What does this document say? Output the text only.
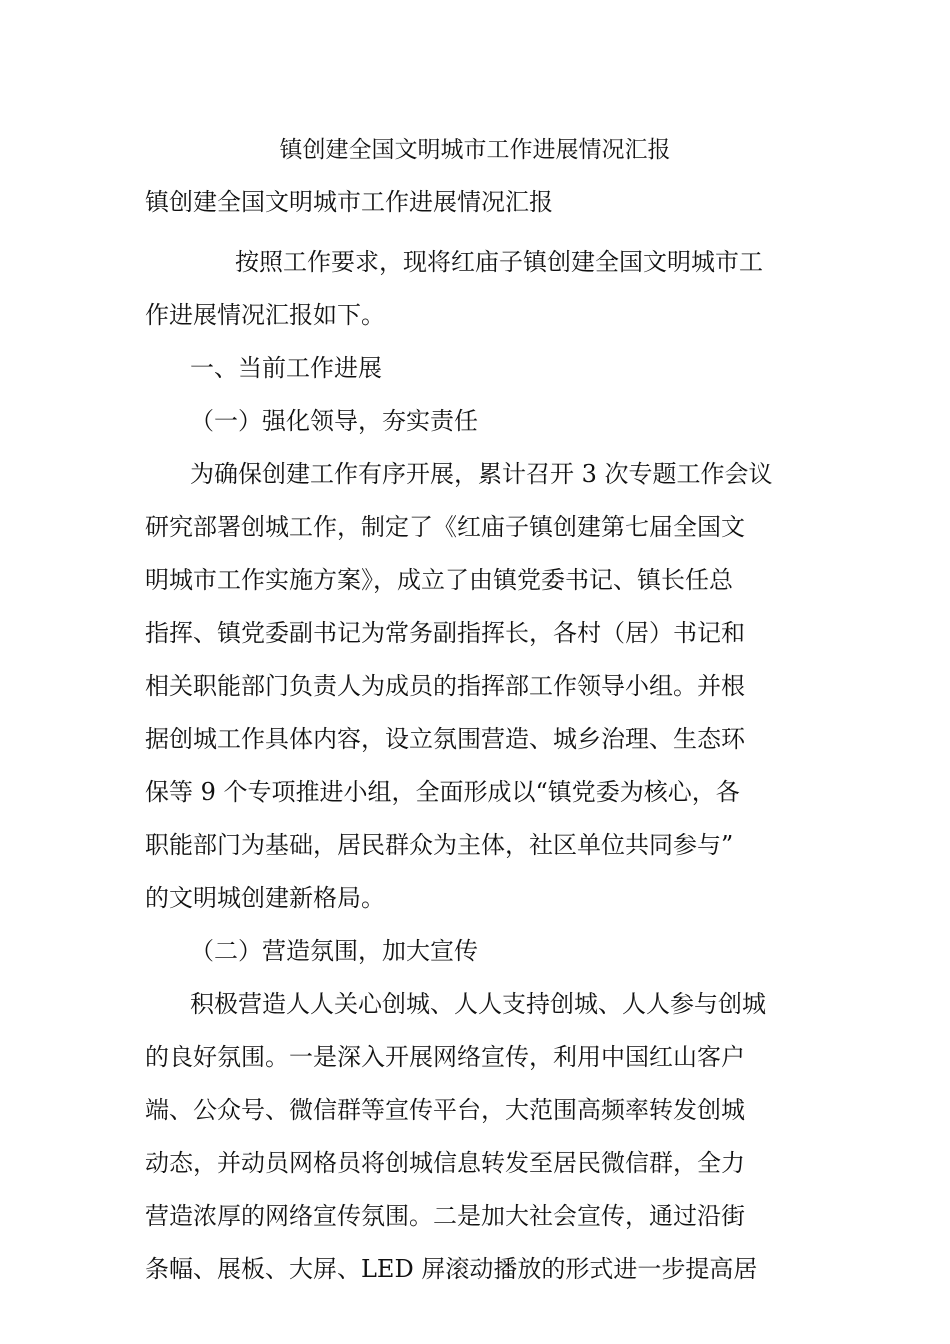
镇创建全国文明城市工作进展情况汇报
镇创建全国文明城市工作进展情况汇报
按照工作要求，现将红庙子镇创建全国文明城市工
作进展情况汇报如下。
一、当前工作进展
（一）强化领导，夯实责任
为确保创建工作有序开展，累计召开 3 次专题工作会议
研究部署创城工作，制定了《红庙子镇创建第七届全国文
明城市工作实施方案》，成立了由镇党委书记、镇长任总
指挥、镇党委副书记为常务副指挥长，各村（居）书记和
相关职能部门负责人为成员的指挥部工作领导小组。并根
据创城工作具体内容，设立氛围营造、城乡治理、生态环
保等 9 个专项推进小组，全面形成以“镇党委为核心，各
职能部门为基础，居民群众为主体，社区单位共同参与”
的文明城创建新格局。
（二）营造氛围，加大宣传
积极营造人人关心创城、人人支持创城、人人参与创城
的良好氛围。一是深入开展网络宣传，利用中国红山客户
端、公众号、微信群等宣传平台，大范围高频率转发创城
动态，并动员网格员将创城信息转发至居民微信群，全力
营造浓厚的网络宣传氛围。二是加大社会宣传，通过沿街
条幅、展板、大屏、LED 屏滚动播放的形式进一步提高居
